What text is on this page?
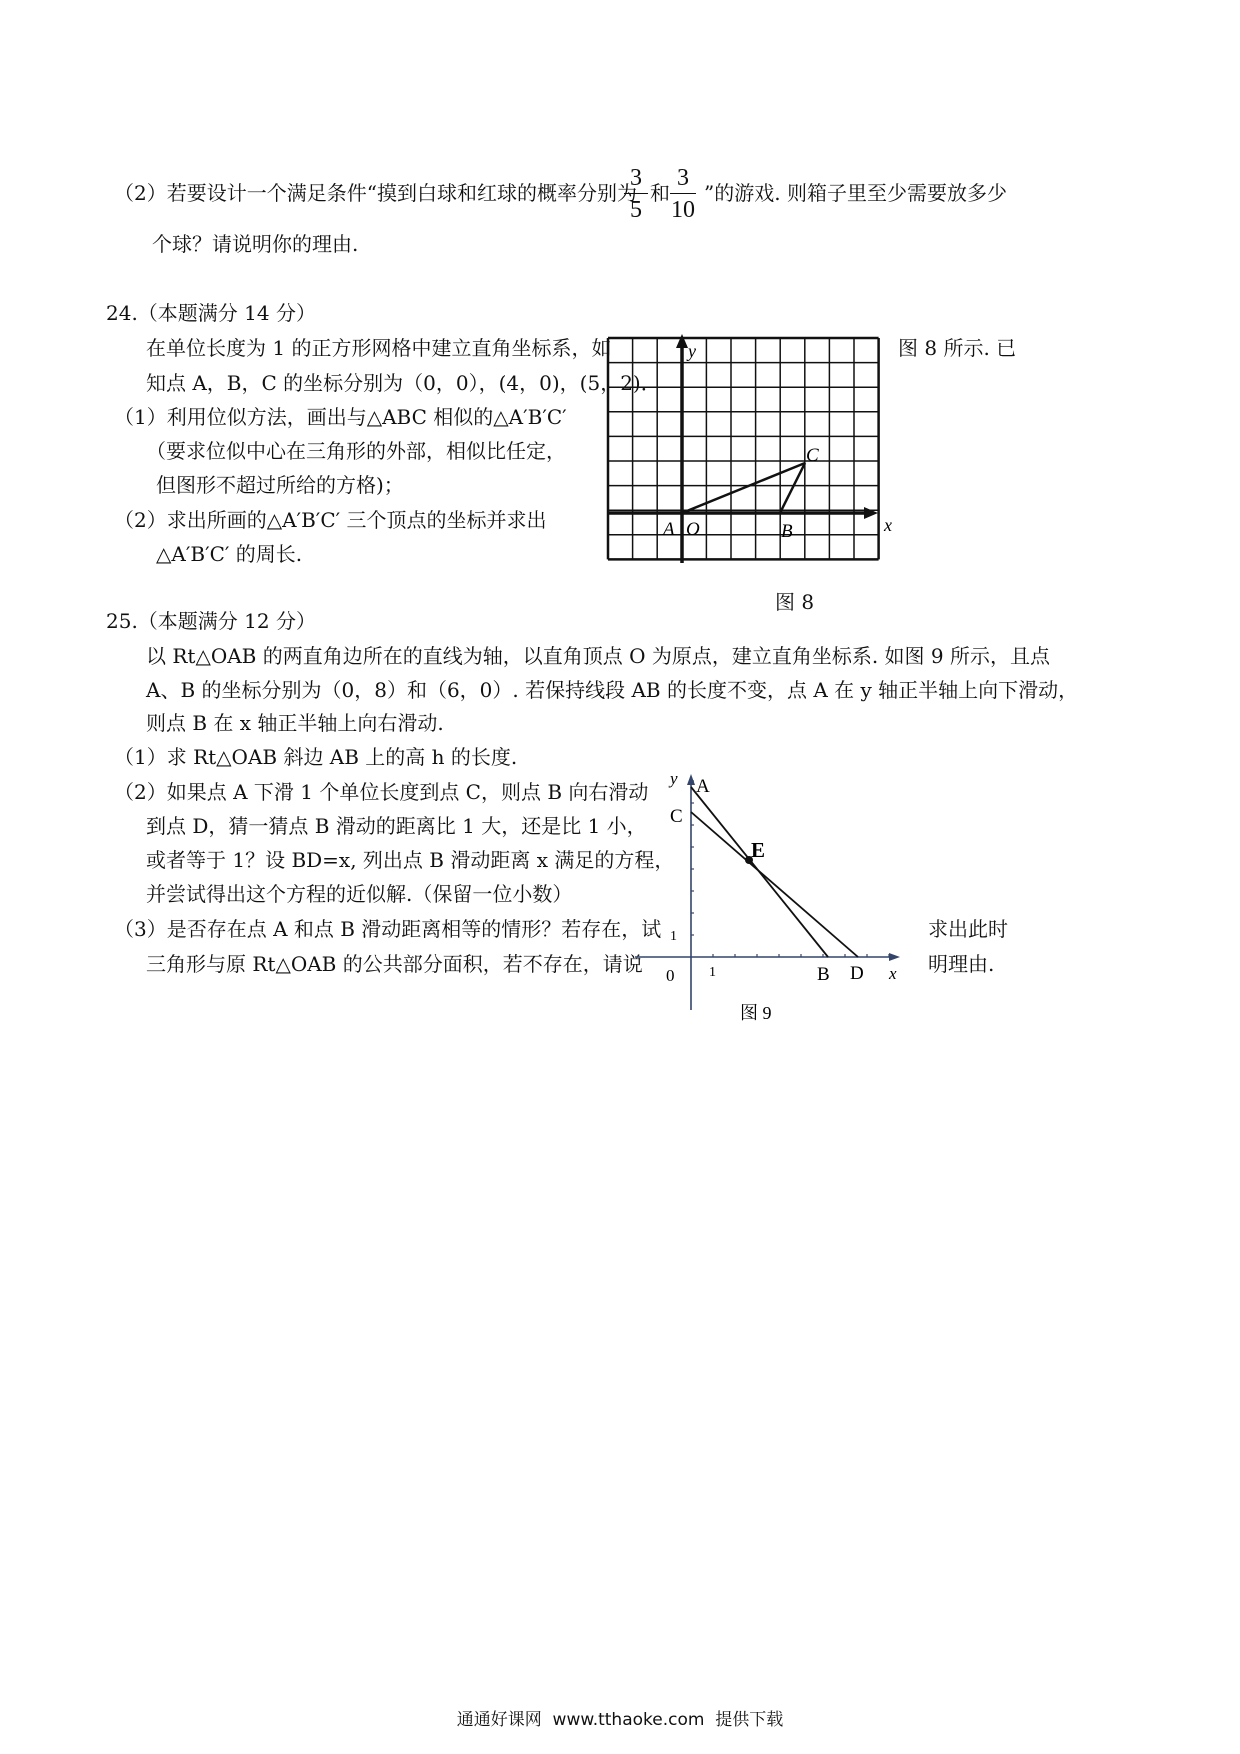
（2）若要设计一个满足条件“摸到白球和红球的概率分别为
3
5
和
3
10
”的游戏. 则箱子里至少需要放多少
个球？请说明你的理由.
24.（本题满分 14 分）
在单位长度为 1 的正方形网格中建立直角坐标系，如	图 8 所示. 已
知点 A，B，C 的坐标分别为（0，0），(4，0)，(5，2)．
（1）利用位似方法，画出与△ABC 相似的△A′B′C′
（要求位似中心在三角形的外部，相似比任定，
但图形不超过所给的方格)；
（2）求出所画的△A′B′C′ 三个顶点的坐标并求出
△A′B′C′ 的周长.
y
x
A O	B
C
图 8
25.（本题满分 12 分）
以 Rt△OAB 的两直角边所在的直线为轴，以直角顶点 O 为原点，建立直角坐标系. 如图 9 所示，且点
A、B 的坐标分别为（0，8）和（6，0）. 若保持线段 AB 的长度不变，点 A 在 y 轴正半轴上向下滑动，
则点 B 在 x 轴正半轴上向右滑动.
（1）求 Rt△OAB 斜边 AB 上的高 h 的长度.
（2）如果点 A 下滑 1 个单位长度到点 C，则点 B 向右滑动
到点 D，猜一猜点 B 滑动的距离比 1 大，还是比 1 小，
或者等于 1？设 BD=x, 列出点 B 滑动距离 x 满足的方程，
并尝试得出这个方程的近似解.（保留一位小数）
（3）是否存在点 A 和点 B 滑动距离相等的情形？若存在，试	求出此时
三角形与原 Rt△OAB 的公共部分面积，若不存在，请说	明理由.
y
x
A
C
E
B D
0 1
1
图 9
通通好课网  www.tthaoke.com  提供下载
